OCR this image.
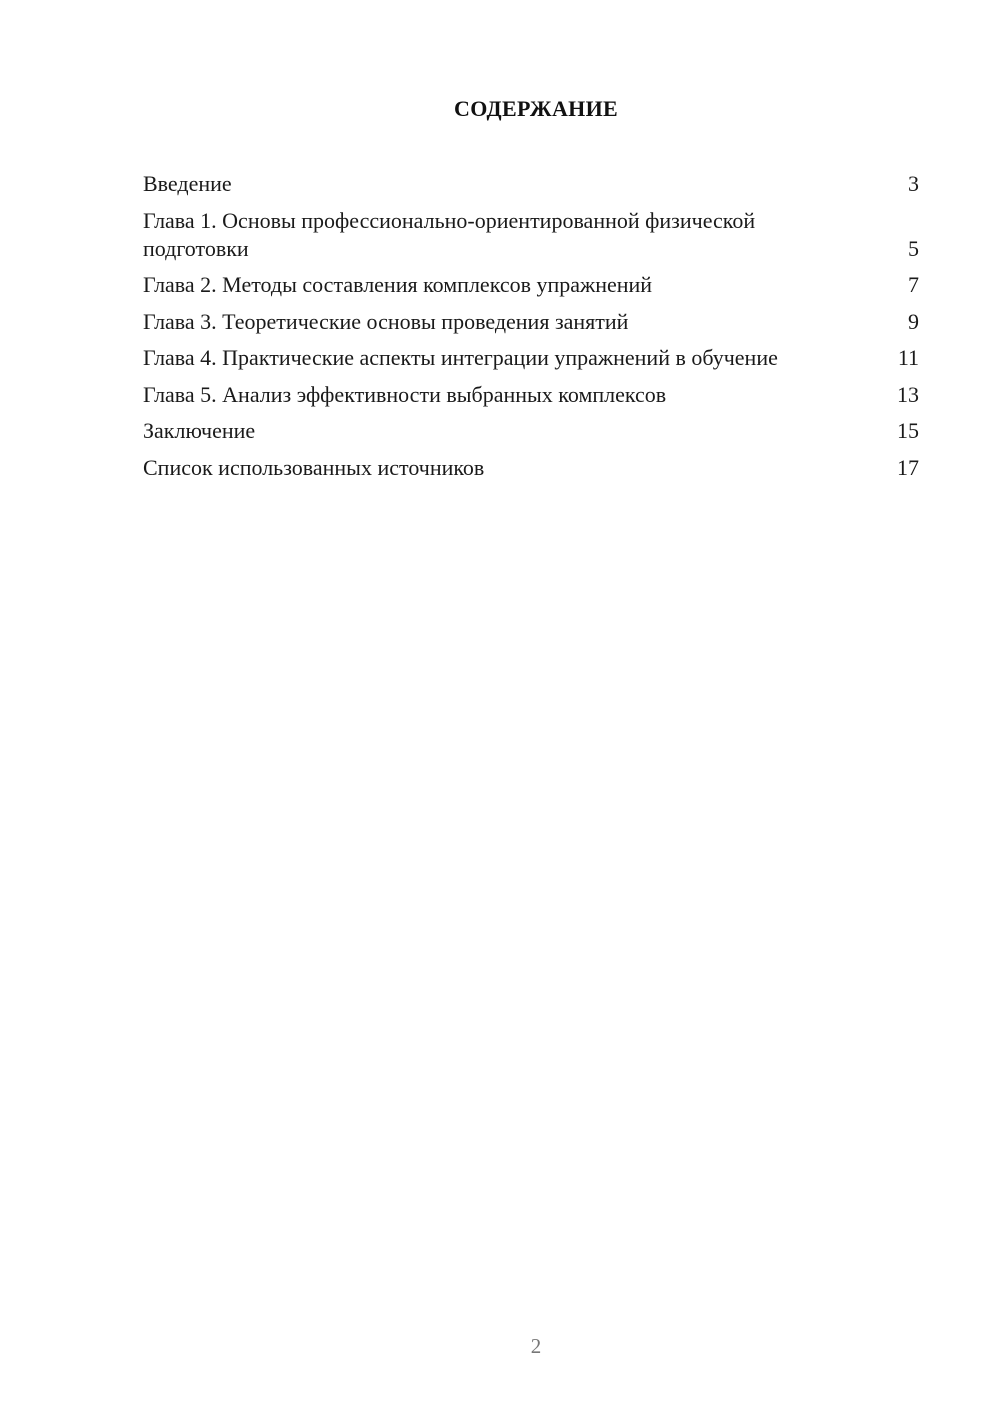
СОДЕРЖАНИЕ
Введение	3
Глава 1. Основы профессионально-ориентированной физической подготовки	5
Глава 2. Методы составления комплексов упражнений	7
Глава 3. Теоретические основы проведения занятий	9
Глава 4. Практические аспекты интеграции упражнений в обучение	11
Глава 5. Анализ эффективности выбранных комплексов	13
Заключение	15
Список использованных источников	17
2
